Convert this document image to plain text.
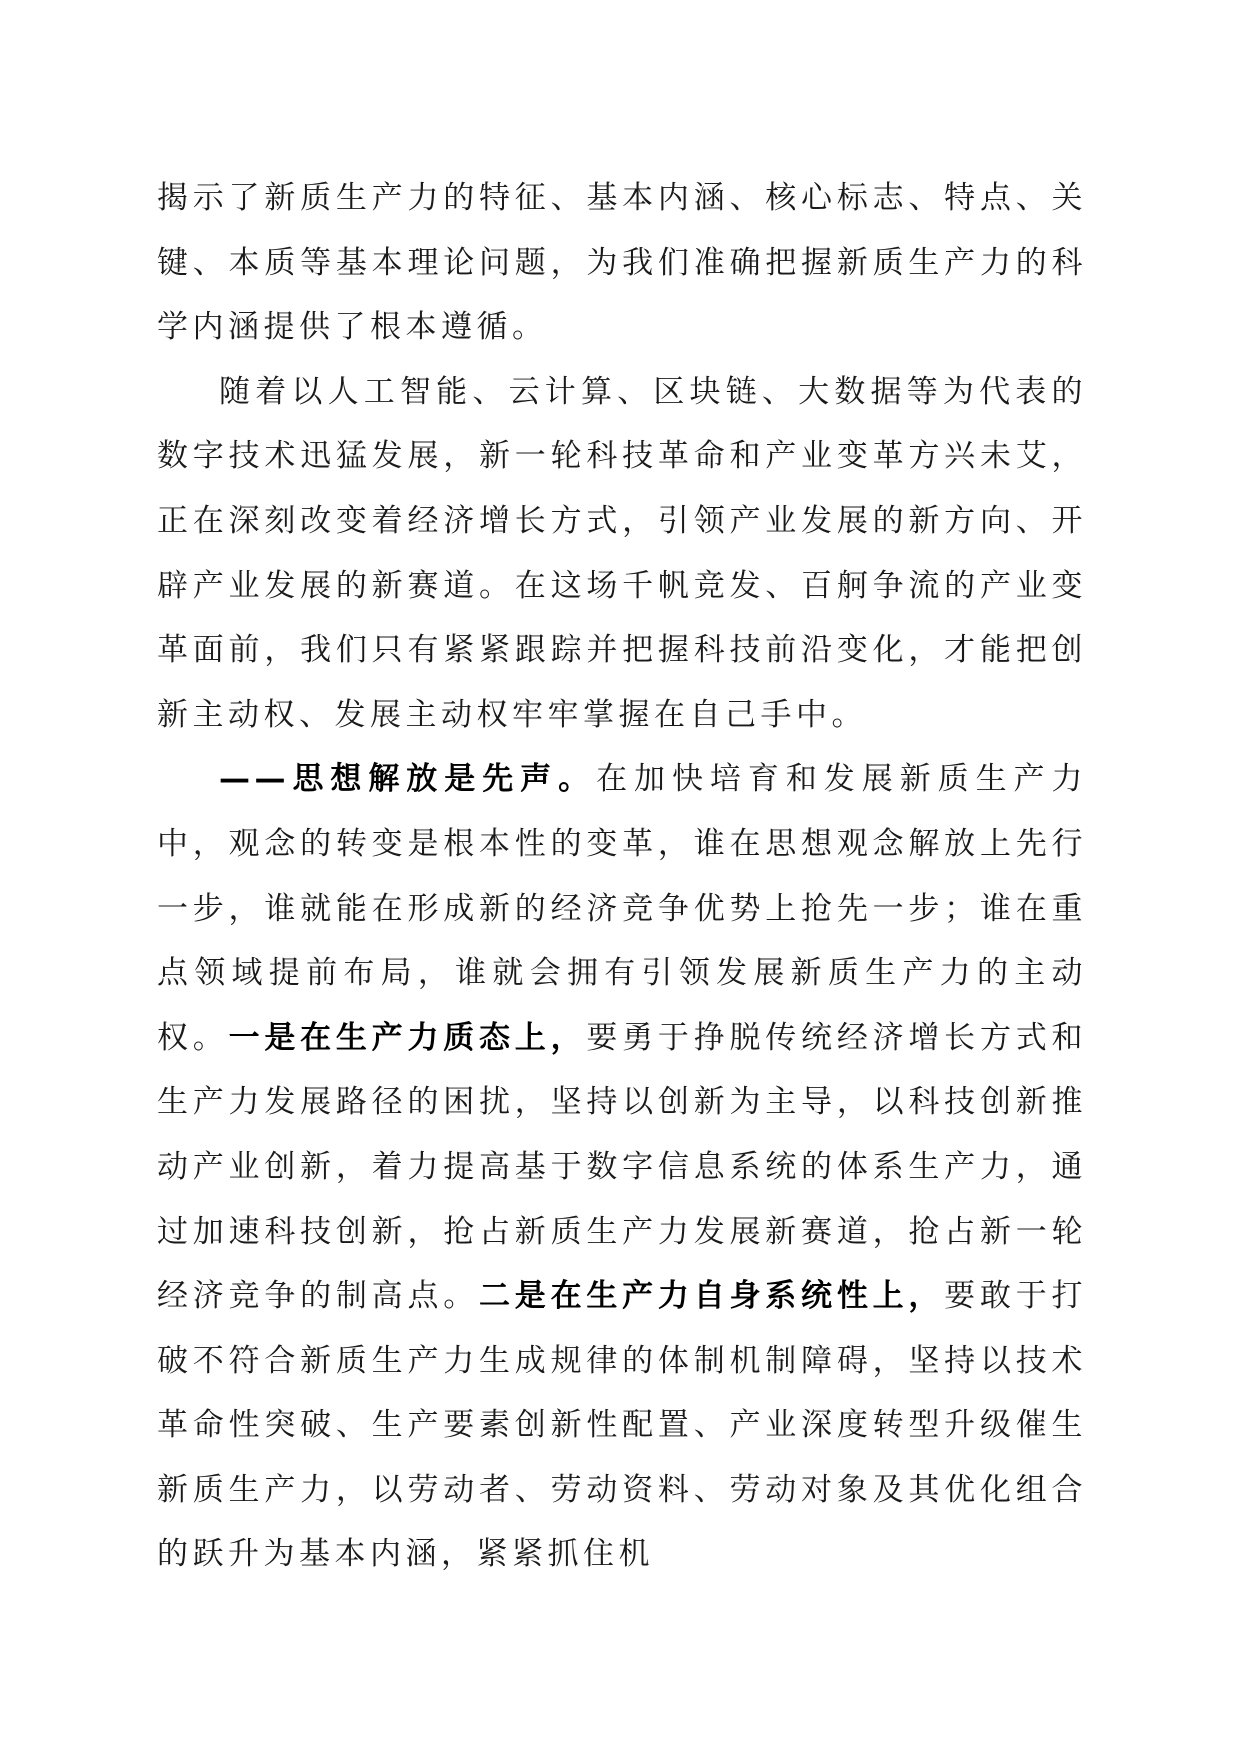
揭示了新质生产力的特征、基本内涵、核心标志、特点、关键、本质等基本理论问题，为我们准确把握新质生产力的科学内涵提供了根本遵循。

随着以人工智能、云计算、区块链、大数据等为代表的数字技术迅猛发展，新一轮科技革命和产业变革方兴未艾，正在深刻改变着经济增长方式，引领产业发展的新方向、开辟产业发展的新赛道。在这场千帆竞发、百舸争流的产业变革面前，我们只有紧紧跟踪并把握科技前沿变化，才能把创新主动权、发展主动权牢牢掌握在自己手中。

——思想解放是先声。在加快培育和发展新质生产力中，观念的转变是根本性的变革，谁在思想观念解放上先行一步，谁就能在形成新的经济竞争优势上抢先一步；谁在重点领域提前布局，谁就会拥有引领发展新质生产力的主动权。一是在生产力质态上，要勇于挣脱传统经济增长方式和生产力发展路径的困扰，坚持以创新为主导，以科技创新推动产业创新，着力提高基于数字信息系统的体系生产力，通过加速科技创新，抢占新质生产力发展新赛道，抢占新一轮经济竞争的制高点。二是在生产力自身系统性上，要敢于打破不符合新质生产力生成规律的体制机制障碍，坚持以技术革命性突破、生产要素创新性配置、产业深度转型升级催生新质生产力，以劳动者、劳动资料、劳动对象及其优化组合的跃升为基本内涵，紧紧抓住机
